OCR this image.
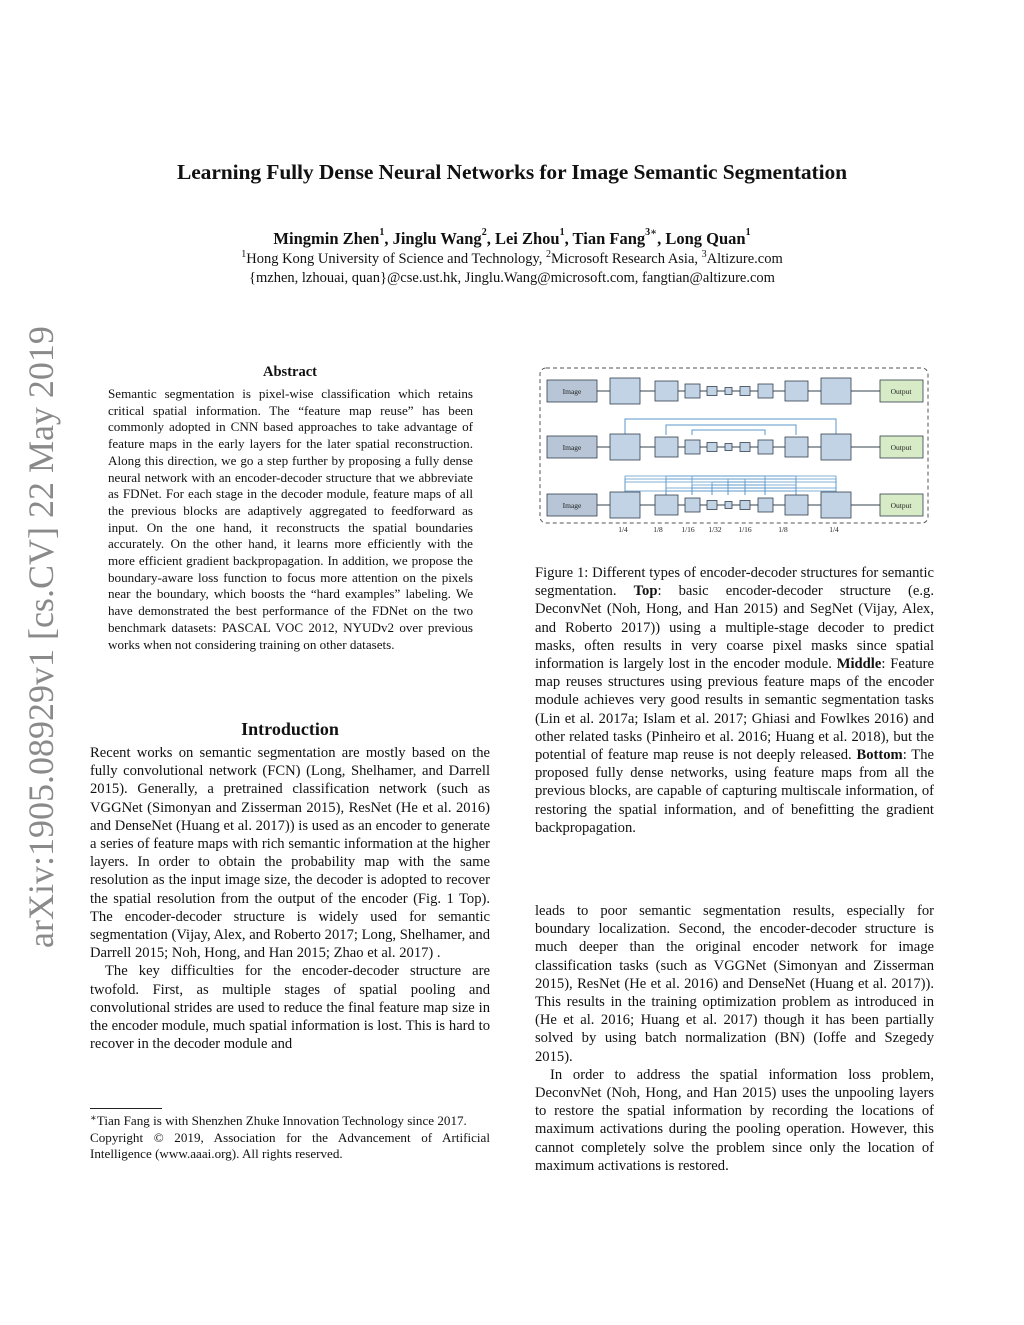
Learning Fully Dense Neural Networks for Image Semantic Segmentation
Mingmin Zhen$^1$, Jinglu Wang$^2$, Lei Zhou$^1$, Tian Fang$^{3∗}$, Long Quan$^1$
$^1$Hong Kong University of Science and Technology, $^2$Microsoft Research Asia, $^3$Altizure.com
{mzhen, lzhouai, quan}@cse.ust.hk, Jinglu.Wang@microsoft.com, fangtian@altizure.com
arXiv:1905.08929v1 [cs.CV] 22 May 2019	Abstract
Semantic segmentation is pixel-wise classification which retains critical spatial information. The “feature map reuse” has been commonly adopted in CNN based approaches to take advantage of feature maps in the early layers for the later spatial reconstruction. Along this direction, we go a step further by proposing a fully dense neural network with an encoder-decoder structure that we abbreviate as FDNet. For each stage in the decoder module, feature maps of all the previous blocks are adaptively aggregated to feedforward as input. On the one hand, it reconstructs the spatial boundaries accurately. On the other hand, it learns more efficiently with the more efficient gradient backpropagation. In addition, we propose the boundary-aware loss function to focus more attention on the pixels near the boundary, which boosts the “hard examples” labeling. We have demonstrated the best performance of the FDNet on the two benchmark datasets: PASCAL VOC 2012, NYUDv2 over previous works when not considering training on other datasets.
Introduction

Recent works on semantic segmentation are mostly based on the fully convolutional network (FCN) (Long, Shelhamer, and Darrell 2015). Generally, a pretrained classification network (such as VGGNet (Simonyan and Zisserman 2015), ResNet (He et al. 2016) and DenseNet (Huang et al. 2017)) is used as an encoder to generate a series of feature maps with rich semantic information at the higher layers. In order to obtain the probability map with the same resolution as the input image size, the decoder is adopted to recover the spatial resolution from the output of the encoder (Fig. 1 Top). The encoder-decoder structure is widely used for semantic segmentation (Vijay, Alex, and Roberto 2017; Long, Shelhamer, and Darrell 2015; Noh, Hong, and Han 2015; Zhao et al. 2017) .

The key difficulties for the encoder-decoder structure are twofold. First, as multiple stages of spatial pooling and convolutional strides are used to reduce the final feature map size in the encoder module, much spatial information is lost. This is hard to recover in the decoder module and

∗Tian Fang is with Shenzhen Zhuke Innovation Technology since 2017.

Copyright © 2019, Association for the Advancement of Artificial Intelligence (www.aaai.org). All rights reserved.

Image	Output
Image	Output
Image	Output
1/4	1/8 1/16 1/32 1/16	1/8	1/4
Figure 1: Different types of encoder-decoder structures for semantic segmentation. Top: basic encoder-decoder structure (e.g. DeconvNet (Noh, Hong, and Han 2015) and SegNet (Vijay, Alex, and Roberto 2017)) using a multiple-stage decoder to predict masks, often results in very coarse pixel masks since spatial information is largely lost in the encoder module. Middle: Feature map reuses structures using previous feature maps of the encoder module achieves very good results in semantic segmentation tasks (Lin et al. 2017a; Islam et al. 2017; Ghiasi and Fowlkes 2016) and other related tasks (Pinheiro et al. 2016; Huang et al. 2018), but the potential of feature map reuse is not deeply released. Bottom: The proposed fully dense networks, using feature maps from all the previous blocks, are capable of capturing multiscale information, of restoring the spatial information, and of benefitting the gradient backpropagation.

leads to poor semantic segmentation results, especially for boundary localization. Second, the encoder-decoder structure is much deeper than the original encoder network for image classification tasks (such as VGGNet (Simonyan and Zisserman 2015), ResNet (He et al. 2016) and DenseNet (Huang et al. 2017)). This results in the training optimization problem as introduced in (He et al. 2016; Huang et al. 2017) though it has been partially solved by using batch normalization (BN) (Ioffe and Szegedy 2015).

In order to address the spatial information loss problem, DeconvNet (Noh, Hong, and Han 2015) uses the unpooling layers to restore the spatial information by recording the locations of maximum activations during the pooling operation. However, this cannot completely solve the problem since only the location of maximum activations is restored.
